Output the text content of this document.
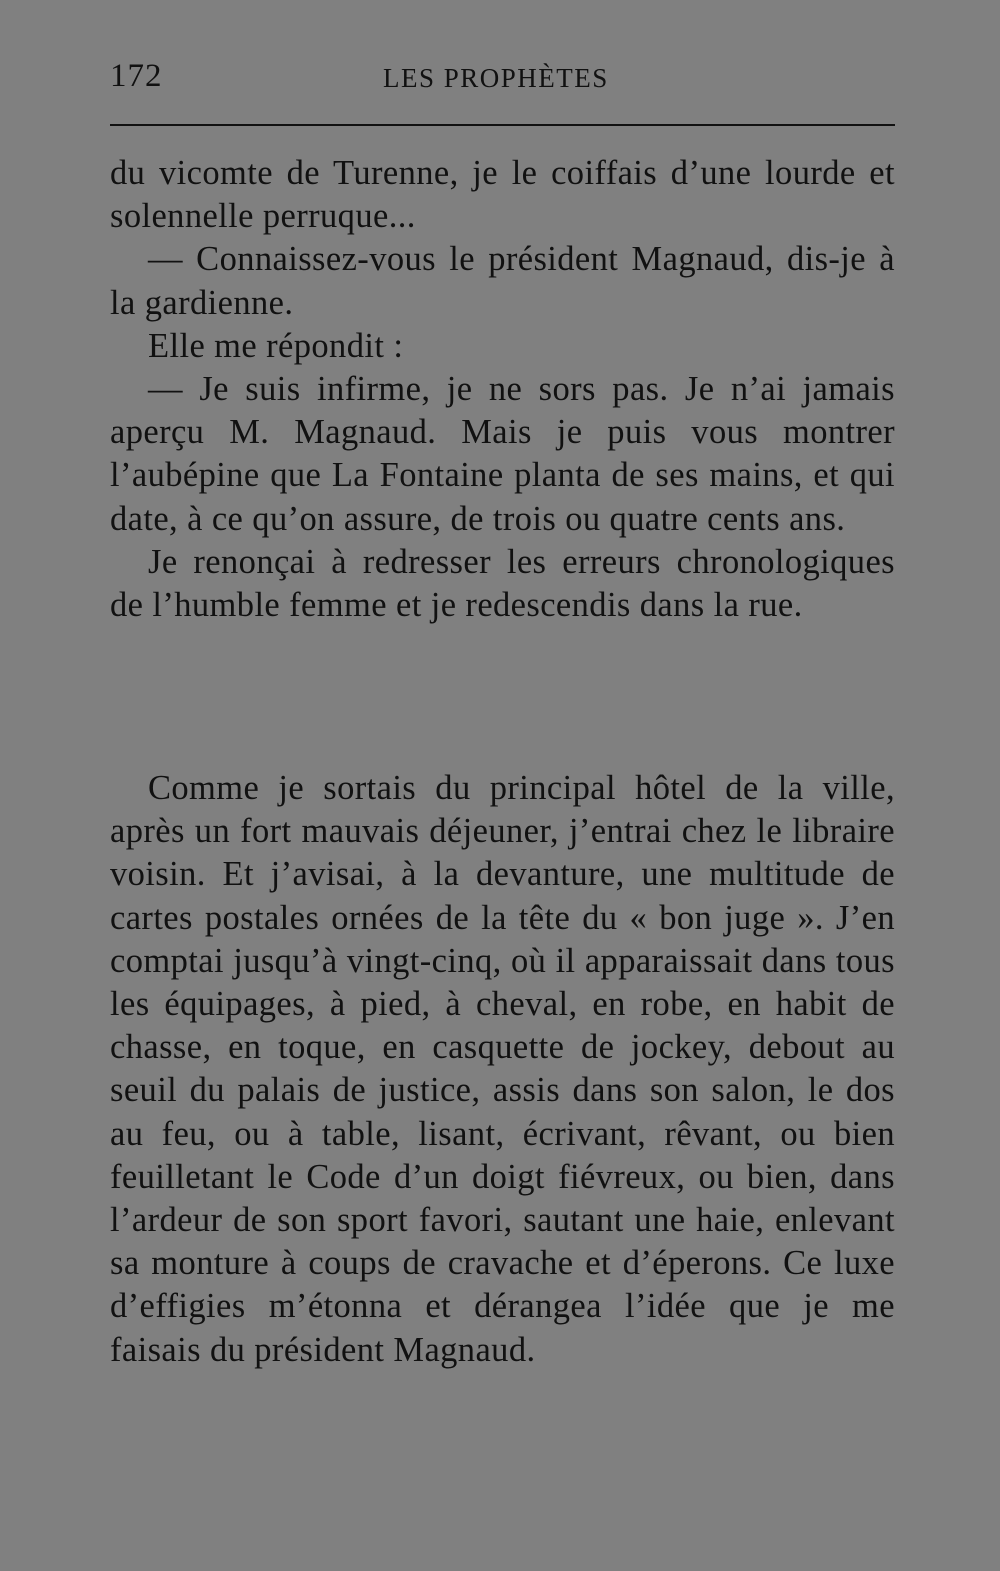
172	LES PROPHÈTES

du vicomte de Turenne, je le coiffais d’une lourde et solennelle perruque...

— Connaissez-vous le président Magnaud, dis-je à la gardienne.

Elle me répondit :

— Je suis infirme, je ne sors pas. Je n’ai jamais aperçu M. Magnaud. Mais je puis vous montrer l’aubépine que La Fontaine planta de ses mains, et qui date, à ce qu’on assure, de trois ou quatre cents ans.

Je renonçai à redresser les erreurs chronologiques de l’humble femme et je redescendis dans la rue.

Comme je sortais du principal hôtel de la ville, après un fort mauvais déjeuner, j’entrai chez le libraire voisin. Et j’avisai, à la devanture, une multitude de cartes postales ornées de la tête du « bon juge ». J’en comptai jusqu’à vingt-cinq, où il apparaissait dans tous les équipages, à pied, à cheval, en robe, en habit de chasse, en toque, en casquette de jockey, debout au seuil du palais de justice, assis dans son salon, le dos au feu, ou à table, lisant, écrivant, rêvant, ou bien feuilletant le Code d’un doigt fiévreux, ou bien, dans l’ardeur de son sport favori, sautant une haie, enlevant sa monture à coups de cravache et d’éperons. Ce luxe d’effigies m’étonna et dérangea l’idée que je me faisais du président Magnaud.
